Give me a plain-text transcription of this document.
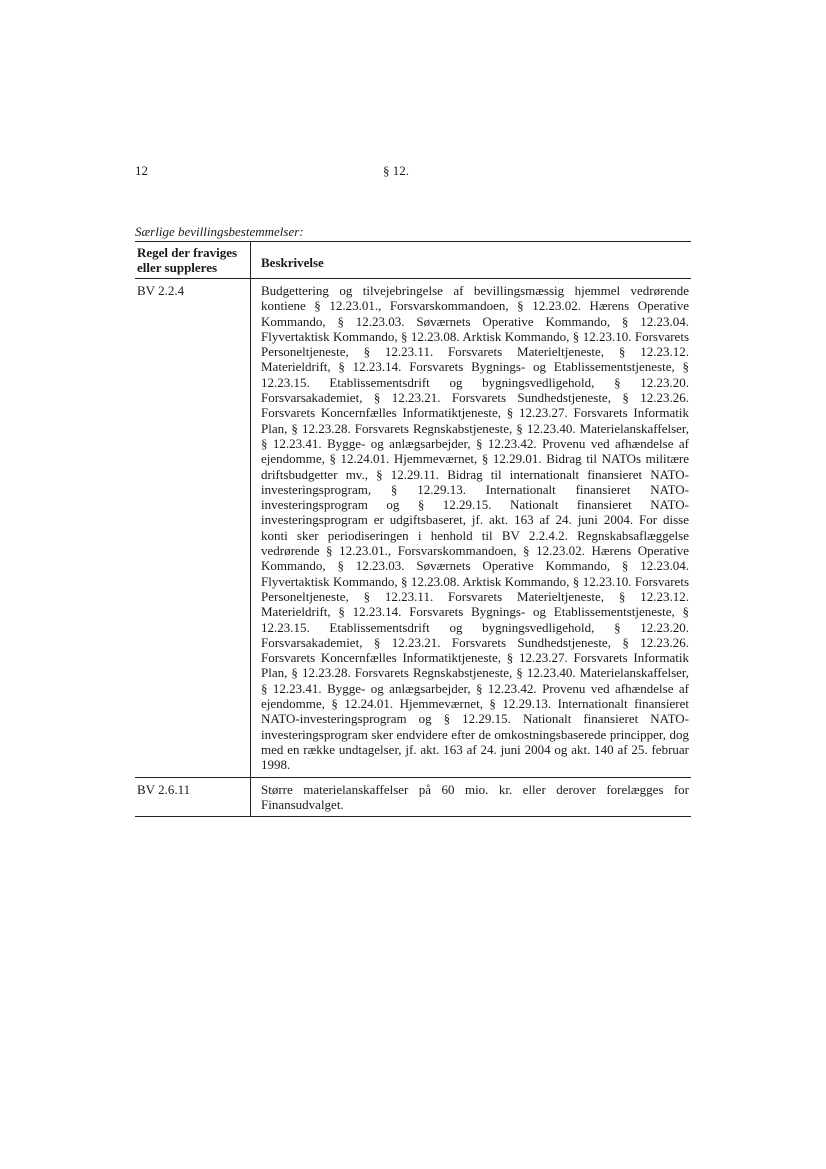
12	§ 12.
Særlige bevillingsbestemmelser:
Regel der fraviges eller suppleres	Beskrivelse
BV 2.2.4	Budgettering og tilvejebringelse af bevillingsmæssig hjemmel vedrørende kontiene § 12.23.01., Forsvarskommandoen, § 12.23.02. Hærens Operative Kommando, § 12.23.03. Søværnets Operative Kommando, § 12.23.04. Flyvertaktisk Kommando, § 12.23.08. Arktisk Kommando, § 12.23.10. Forsvarets Personeltjeneste, § 12.23.11. Forsvarets Materieltjeneste, § 12.23.12. Materieldrift, § 12.23.14. Forsvarets Bygnings- og Etablissementstjeneste, § 12.23.15. Etablissementsdrift og bygningsvedligehold, § 12.23.20. Forsvarsakademiet, § 12.23.21. Forsvarets Sundhedstjeneste, § 12.23.26. Forsvarets Koncernfælles Informatiktjeneste, § 12.23.27. Forsvarets Informatik Plan, § 12.23.28. Forsvarets Regnskabstjeneste, § 12.23.40. Materielanskaffelser, § 12.23.41. Bygge- og anlægsarbejder, § 12.23.42. Provenu ved afhændelse af ejendomme, § 12.24.01. Hjemmeværnet, § 12.29.01. Bidrag til NATOs militære driftsbudgetter mv., § 12.29.11. Bidrag til internationalt finansieret NATO-investeringsprogram, § 12.29.13. Internationalt finansieret NATO-investeringsprogram og § 12.29.15. Nationalt finansieret NATO-investeringsprogram er udgiftsbaseret, jf. akt. 163 af 24. juni 2004. For disse konti sker periodiseringen i henhold til BV 2.2.4.2. Regnskabsaflæggelse vedrørende § 12.23.01., Forsvarskommandoen, § 12.23.02. Hærens Operative Kommando, § 12.23.03. Søværnets Operative Kommando, § 12.23.04. Flyvertaktisk Kommando, § 12.23.08. Arktisk Kommando, § 12.23.10. Forsvarets Personeltjeneste, § 12.23.11. Forsvarets Materieltjeneste, § 12.23.12. Materieldrift, § 12.23.14. Forsvarets Bygnings- og Etablissementstjeneste, § 12.23.15. Etablissementsdrift og bygningsvedligehold, § 12.23.20. Forsvarsakademiet, § 12.23.21. Forsvarets Sundhedstjeneste, § 12.23.26. Forsvarets Koncernfælles Informatiktjeneste, § 12.23.27. Forsvarets Informatik Plan, § 12.23.28. Forsvarets Regnskabstjeneste, § 12.23.40. Materielanskaffelser, § 12.23.41. Bygge- og anlægsarbejder, § 12.23.42. Provenu ved afhændelse af ejendomme, § 12.24.01. Hjemmeværnet, § 12.29.13. Internationalt finansieret NATO-investeringsprogram og § 12.29.15. Nationalt finansieret NATO-investeringsprogram sker endvidere efter de omkostningsbaserede principper, dog med en række undtagelser, jf. akt. 163 af 24. juni 2004 og akt. 140 af 25. februar 1998.
BV 2.6.11	Større materielanskaffelser på 60 mio. kr. eller derover forelægges for Finansudvalget.
